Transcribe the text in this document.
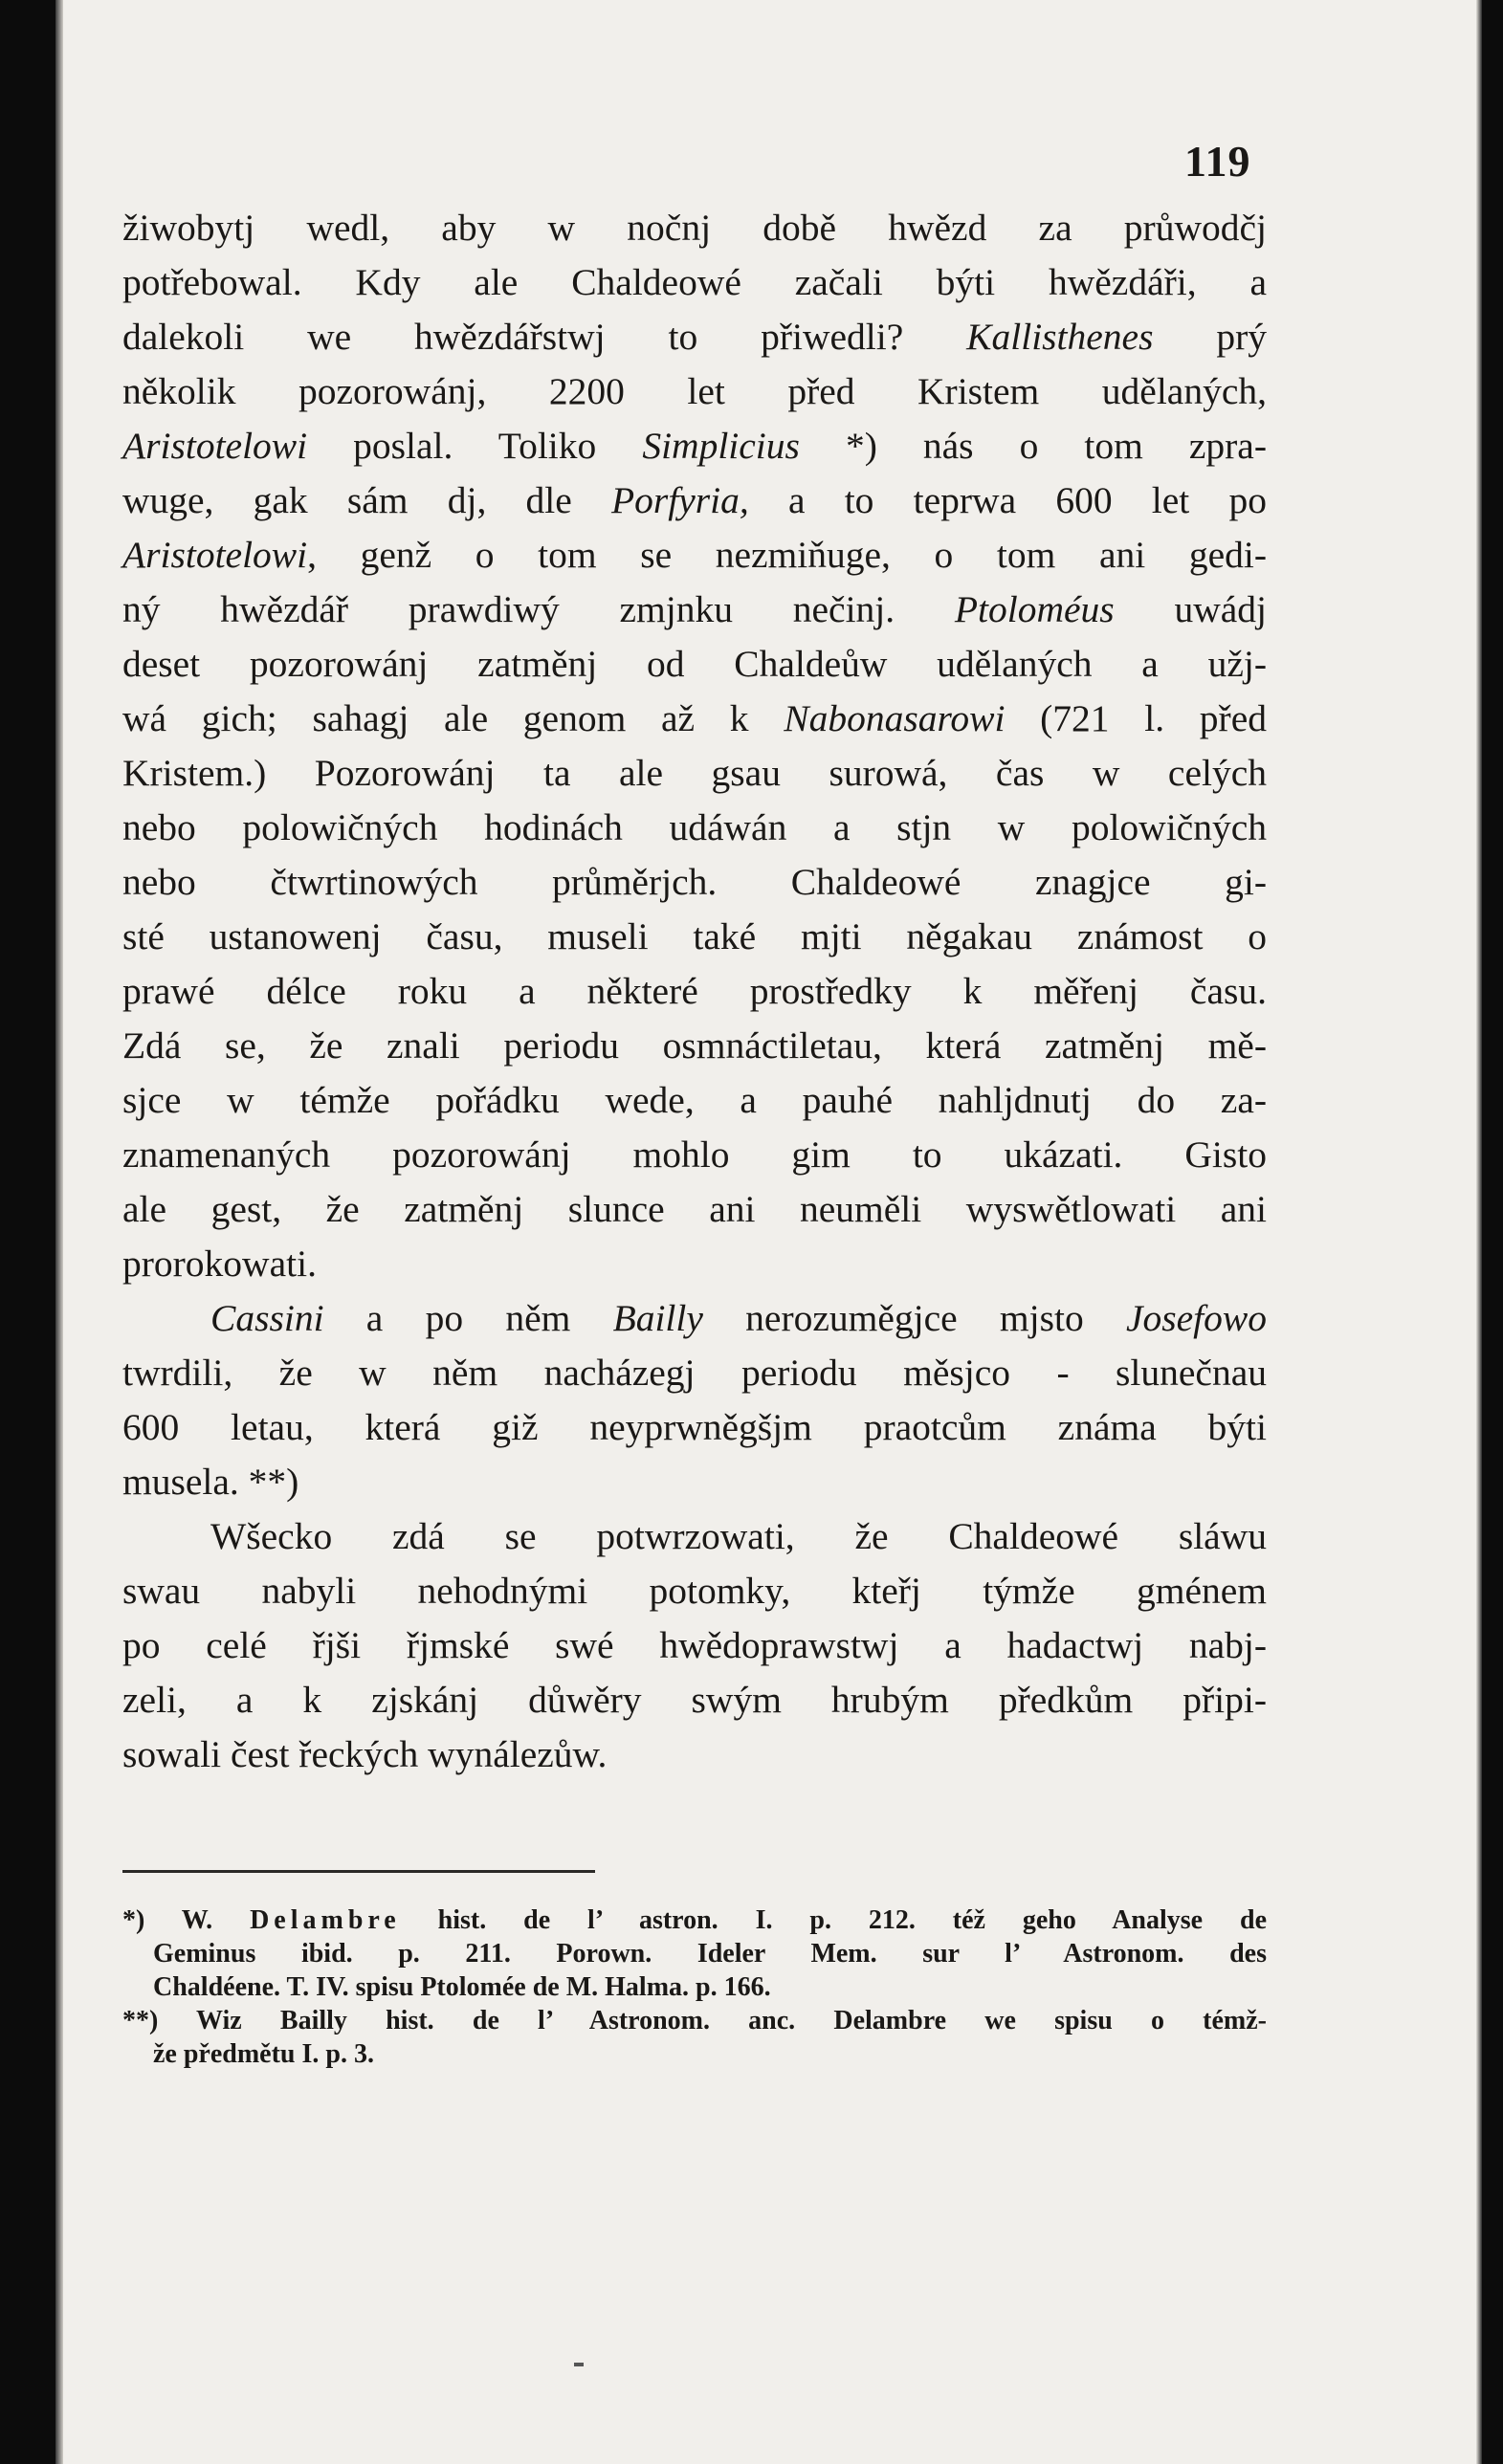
119
žiwobytj wedl, aby w nočnj době hwězd za průwodčj
potřebowal. Kdy ale Chaldeowé začali býti hwězdáři, a
dalekoli we hwězdářstwj to přiwedli? Kallisthenes prý
několik pozorowánj, 2200 let před Kristem udělaných,
Aristotelowi poslal. Toliko Simplicius *) nás o tom zpra-
wuge, gak sám dj, dle Porfyria, a to teprwa 600 let po
Aristotelowi, genž o tom se nezmiňuge, o tom ani gedi-
ný hwězdář prawdiwý zmjnku nečinj. Ptoloméus uwádj
deset pozorowánj zatměnj od Chaldeůw udělaných a užj-
wá gich; sahagj ale genom až k Nabonasarowi (721 l. před
Kristem.) Pozorowánj ta ale gsau surowá, čas w celých
nebo polowičných hodinách udáwán a stjn w polowičných
nebo čtwrtinowých průměrjch. Chaldeowé znagjce gi-
sté ustanowenj času, museli také mjti něgakau známost o
prawé délce roku a některé prostředky k měřenj času.
Zdá se, že znali periodu osmnáctiletau, která zatměnj mě-
sjce w témže pořádku wede, a pauhé nahljdnutj do za-
znamenaných pozorowánj mohlo gim to ukázati. Gisto
ale gest, že zatměnj slunce ani neuměli wyswětlowati ani
prorokowati.
Cassini a po něm Bailly nerozuměgjce mjsto Josefowo
twrdili, že w něm nacházegj periodu měsjco - slunečnau
600 letau, která giž neyprwněgšjm praotcům známa býti
musela. **)
Wšecko zdá se potwrzowati, že Chaldeowé sláwu
swau nabyli nehodnými potomky, kteřj týmže gménem
po celé řjši řjmské swé hwědoprawstwj a hadactwj nabj-
zeli, a k zjskánj důwěry swým hrubým předkům připi-
sowali čest řeckých wynálezůw.
*) W. Delambre hist. de l’ astron. I. p. 212. též geho Analyse de
Geminus ibid. p. 211. Porown. Ideler Mem. sur l’ Astronom. des
Chaldéene. T. IV. spisu Ptolomée de M. Halma. p. 166.
**) Wiz Bailly hist. de l’ Astronom. anc. Delambre we spisu o témž-
že předmětu I. p. 3.
